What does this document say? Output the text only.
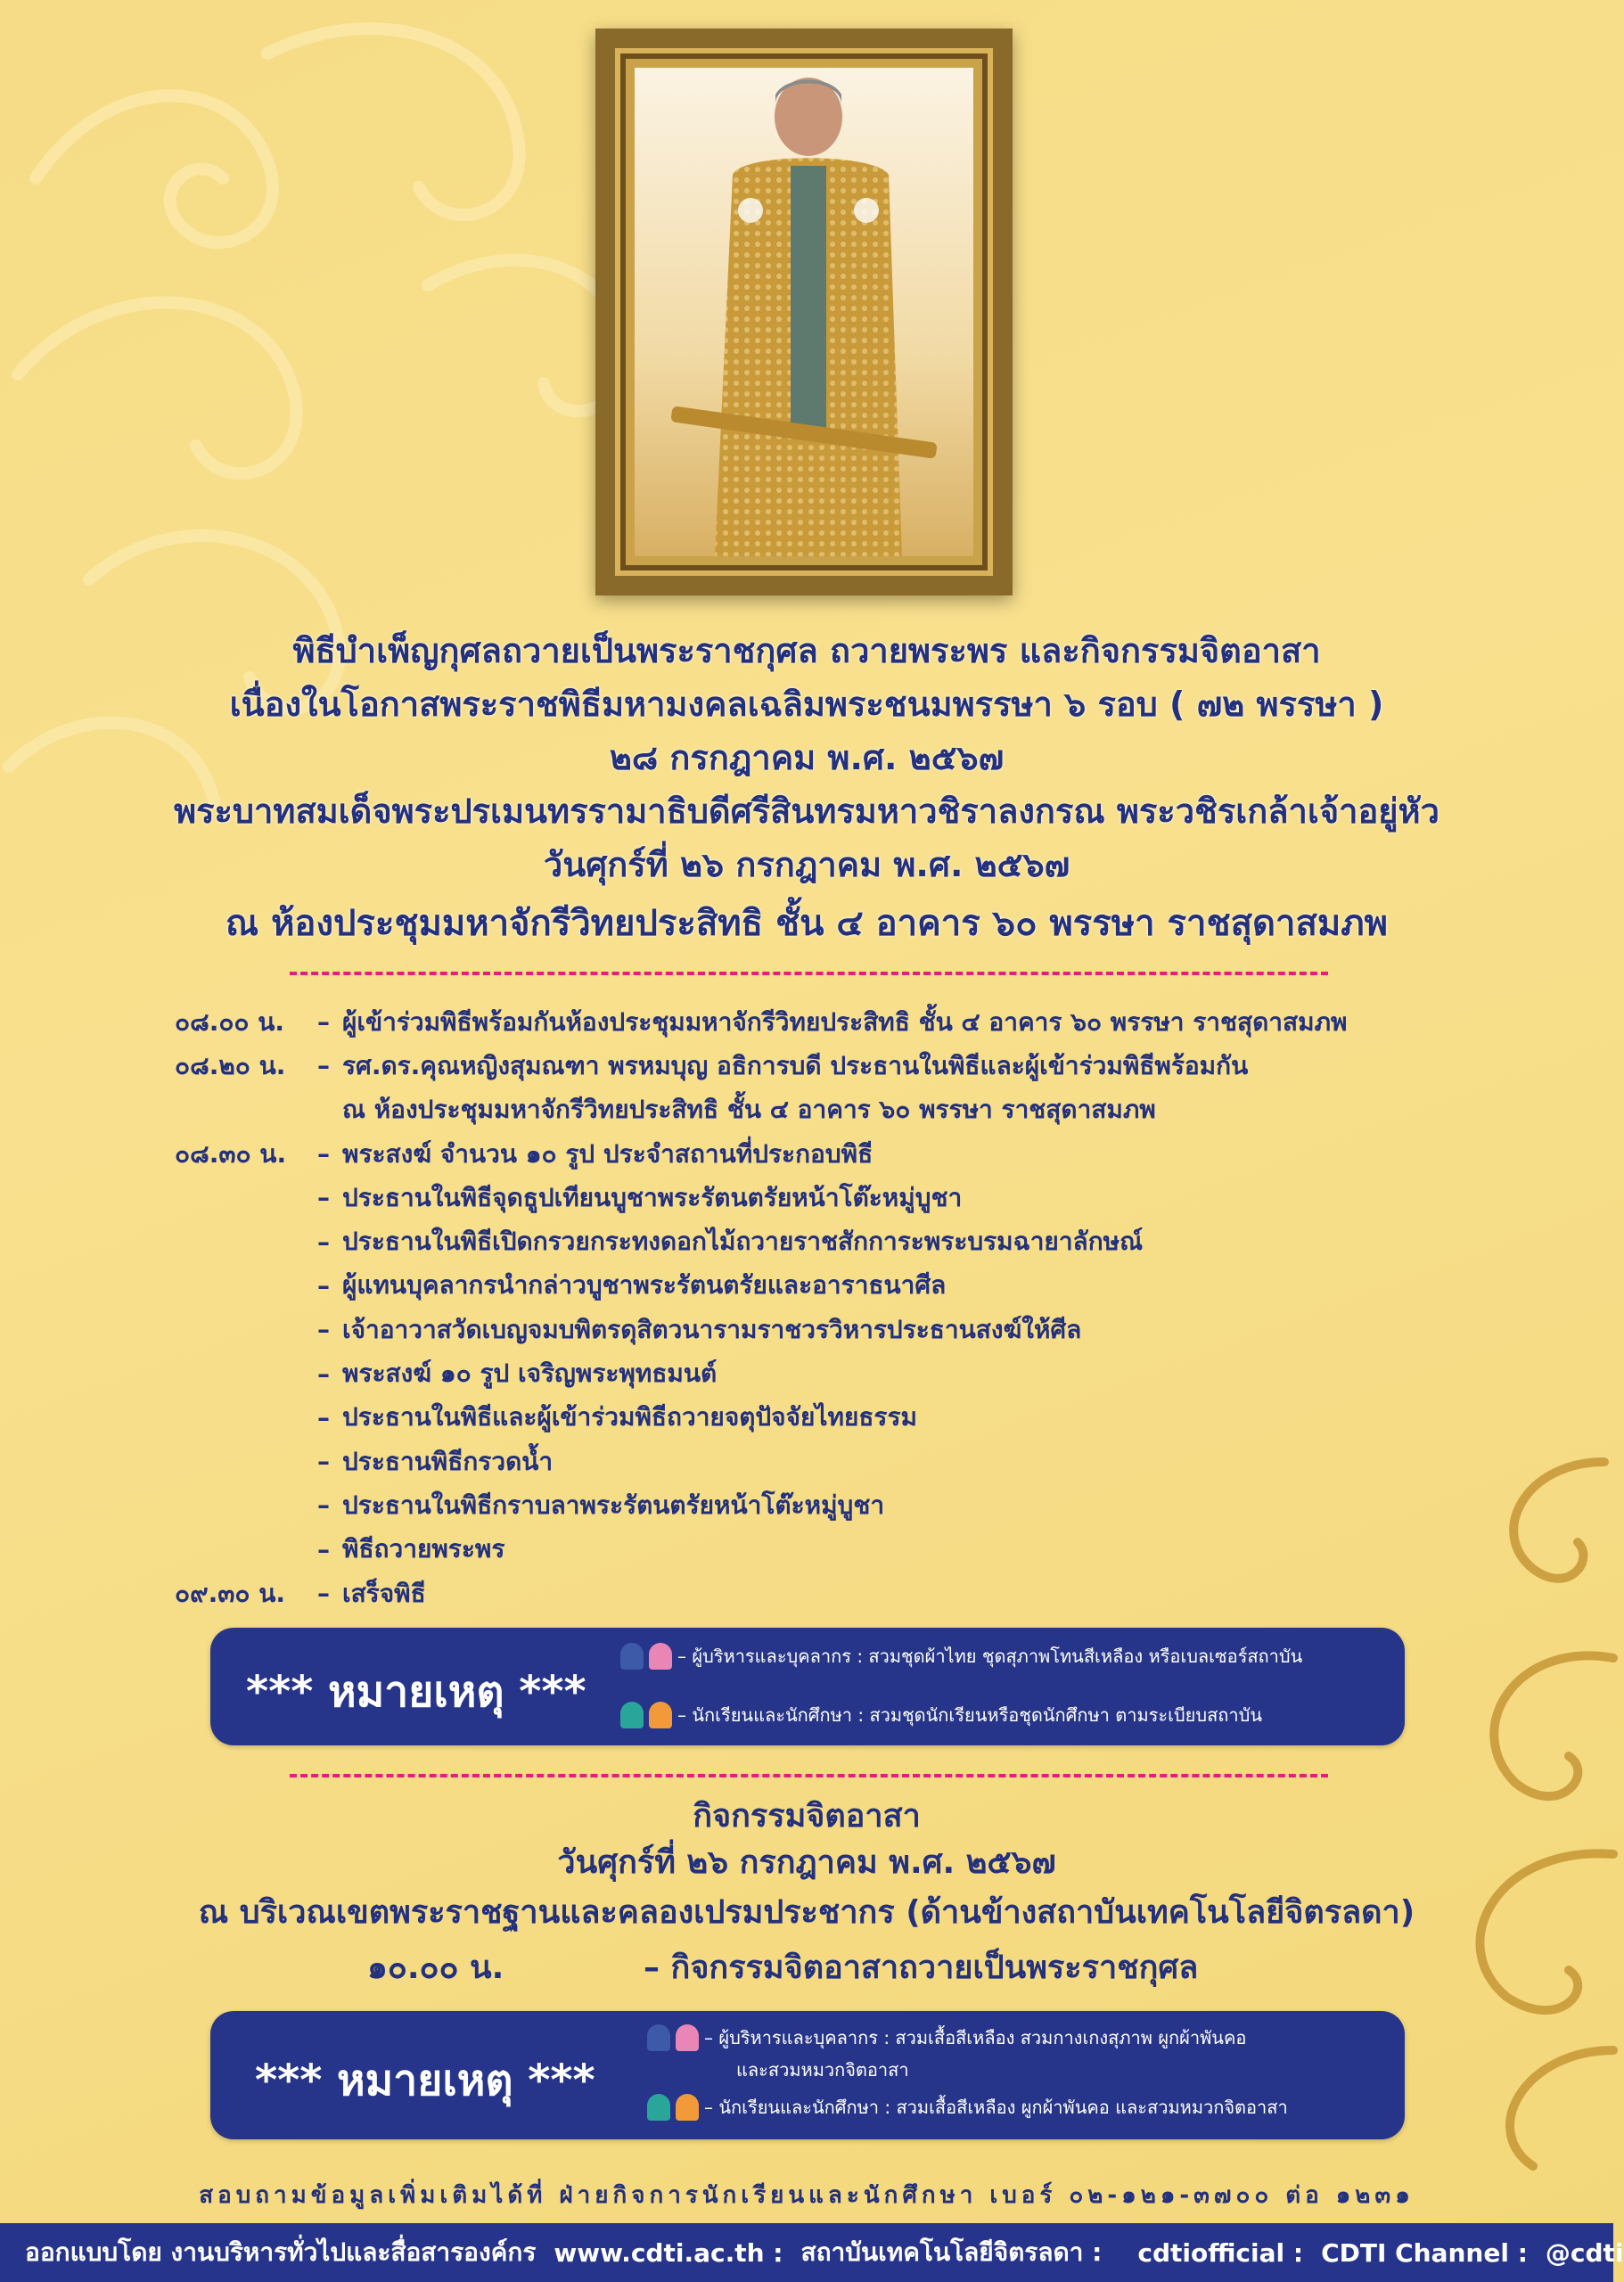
พิธีบำเพ็ญกุศลถวายเป็นพระราชกุศล ถวายพระพร และกิจกรรมจิตอาสา
เนื่องในโอกาสพระราชพิธีมหามงคลเฉลิมพระชนมพรรษา ๖ รอบ ( ๗๒ พรรษา )
๒๘ กรกฎาคม พ.ศ. ๒๕๖๗
พระบาทสมเด็จพระปรเมนทรรามาธิบดีศรีสินทรมหาวชิราลงกรณ พระวชิรเกล้าเจ้าอยู่หัว
วันศุกร์ที่ ๒๖ กรกฎาคม พ.ศ. ๒๕๖๗
ณ ห้องประชุมมหาจักรีวิทยประสิทธิ ชั้น ๔ อาคาร ๖๐ พรรษา ราชสุดาสมภพ
๐๘.๐๐ น.	– ผู้เข้าร่วมพิธีพร้อมกันห้องประชุมมหาจักรีวิทยประสิทธิ ชั้น ๔ อาคาร ๖๐ พรรษา ราชสุดาสมภพ
๐๘.๒๐ น.	– รศ.ดร.คุณหญิงสุมณฑา พรหมบุญ อธิการบดี ประธานในพิธีและผู้เข้าร่วมพิธีพร้อมกัน
ณ ห้องประชุมมหาจักรีวิทยประสิทธิ ชั้น ๔ อาคาร ๖๐ พรรษา ราชสุดาสมภพ
๐๘.๓๐ น.	– พระสงฆ์ จำนวน ๑๐ รูป ประจำสถานที่ประกอบพิธี
– ประธานในพิธีจุดธูปเทียนบูชาพระรัตนตรัยหน้าโต๊ะหมู่บูชา
– ประธานในพิธีเปิดกรวยกระทงดอกไม้ถวายราชสักการะพระบรมฉายาลักษณ์
– ผู้แทนบุคลากรนำกล่าวบูชาพระรัตนตรัยและอาราธนาศีล
– เจ้าอาวาสวัดเบญจมบพิตรดุสิตวนารามราชวรวิหารประธานสงฆ์ให้ศีล
– พระสงฆ์ ๑๐ รูป เจริญพระพุทธมนต์
– ประธานในพิธีและผู้เข้าร่วมพิธีถวายจตุปัจจัยไทยธรรม
– ประธานพิธีกรวดน้ำ
– ประธานในพิธีกราบลาพระรัตนตรัยหน้าโต๊ะหมู่บูชา
– พิธีถวายพระพร
๐๙.๓๐ น.	– เสร็จพิธี
*** หมายเหตุ ***
– ผู้บริหารและบุคลากร : สวมชุดผ้าไทย ชุดสุภาพโทนสีเหลือง หรือเบลเซอร์สถาบัน
– นักเรียนและนักศึกษา : สวมชุดนักเรียนหรือชุดนักศึกษา ตามระเบียบสถาบัน
กิจกรรมจิตอาสา
วันศุกร์ที่ ๒๖ กรกฎาคม พ.ศ. ๒๕๖๗
ณ บริเวณเขตพระราชฐานและคลองเปรมประชากร (ด้านข้างสถาบันเทคโนโลยีจิตรลดา)
๑๐.๐๐ น.	– กิจกรรมจิตอาสาถวายเป็นพระราชกุศล
*** หมายเหตุ ***
– ผู้บริหารและบุคลากร : สวมเสื้อสีเหลือง สวมกางเกงสุภาพ ผูกผ้าพันคอ
และสวมหมวกจิตอาสา
– นักเรียนและนักศึกษา : สวมเสื้อสีเหลือง ผูกผ้าพันคอ และสวมหมวกจิตอาสา
สอบถามข้อมูลเพิ่มเติมได้ที่ ฝ่ายกิจการนักเรียนและนักศึกษา เบอร์ ๐๒-๑๒๑-๓๗๐๐ ต่อ ๑๒๓๑
ออกแบบโดย งานบริหารทั่วไปและสื่อสารองค์กร www.cdti.ac.th : สถาบันเทคโนโลยีจิตรลดา : cdtiofficial : CDTI Channel : @cdti
